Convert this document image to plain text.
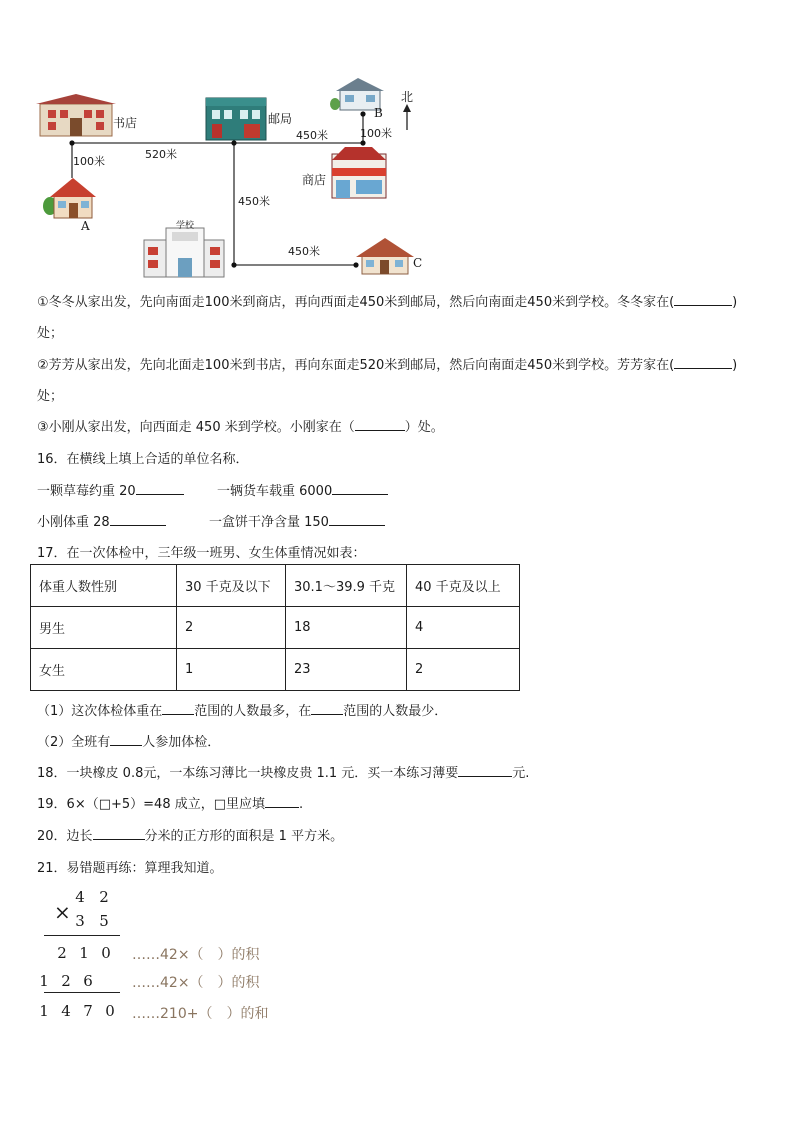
书店	邮局
商店
学校
A
B
C
北
520米
100米
100米
450米
450米
450米
①冬冬从家出发，先向南面走100米到商店，再向西面走450米到邮局，然后向南面走450米到学校。冬冬家在(	)
处；
②芳芳从家出发，先向北面走100米到书店，再向东面走520米到邮局，然后向南面走450米到学校。芳芳家在(	)
处；
③小刚从家出发，向西面走 450 米到学校。小刚家在（	）处。
16．在横线上填上合适的单位名称．
一颗草莓约重 20	一辆货车载重 6000
小刚体重 28	一盒饼干净含量 150
17．在一次体检中，三年级一班男、女生体重情况如表：
体重人数性别	30 千克及以下	30.1～39.9 千克	40 千克及以上
男生	2	18	4
女生	1	23	2
（1）这次体检体重在 范围的人数最多，在 范围的人数最少．
（2）全班有 人参加体检．
18．一块橡皮 0.8元，一本练习薄比一块橡皮贵 1.1 元．买一本练习薄要	元.
19．6×（□+5）=48 成立，□里应填	.
20．边长	分米的正方形的面积是 1 平方米。
21．易错题再练：算理我知道。
4 2
× 3 5
2 1 0
1 2 6
1 4 7 0
……42×（　）的积
……42×（　）的积
……210+（　）的和
